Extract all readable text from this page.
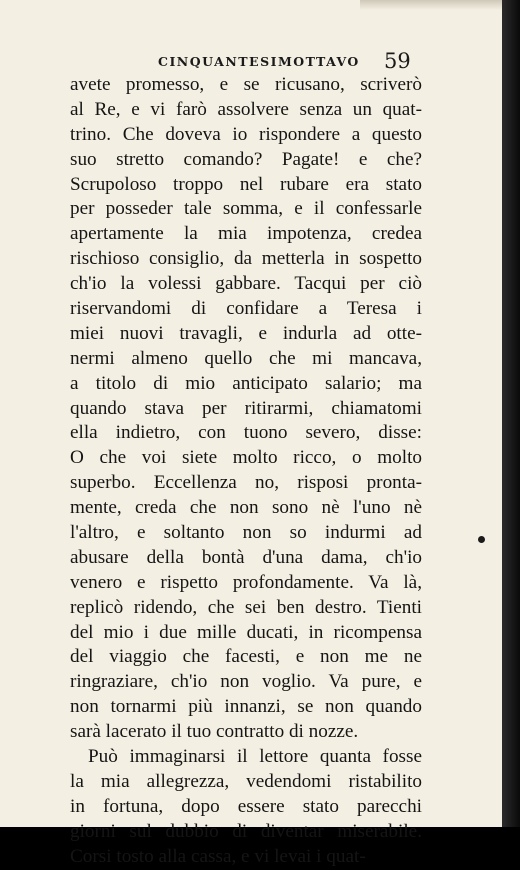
CINQUANTESIMOTTAVO 59
avete promesso, e se ricusano, scriverò
al Re, e vi farò assolvere senza un quat-
trino. Che doveva io rispondere a questo
suo stretto comando? Pagate! e che?
Scrupoloso troppo nel rubare era stato
per posseder tale somma, e il confessarle
apertamente la mia impotenza, credea
rischioso consiglio, da metterla in sospetto
ch'io la volessi gabbare. Tacqui per ciò
riservandomi di confidare a Teresa i
miei nuovi travagli, e indurla ad otte-
nermi almeno quello che mi mancava,
a titolo di mio anticipato salario; ma
quando stava per ritirarmi, chiamatomi
ella indietro, con tuono severo, disse:
O che voi siete molto ricco, o molto
superbo. Eccellenza no, risposi pronta-
mente, creda che non sono nè l'uno nè
l'altro, e soltanto non so indurmi ad
abusare della bontà d'una dama, ch'io
venero e rispetto profondamente. Va là,
replicò ridendo, che sei ben destro. Tienti
del mio i due mille ducati, in ricompensa
del viaggio che facesti, e non me ne
ringraziare, ch'io non voglio. Va pure, e
non tornarmi più innanzi, se non quando
sarà lacerato il tuo contratto di nozze.
Può immaginarsi il lettore quanta fosse
la mia allegrezza, vedendomi ristabilito
in fortuna, dopo essere stato parecchi
giorni sul dubbio di diventar miserabile.
Corsi tosto alla cassa, e vi levai i quat-
